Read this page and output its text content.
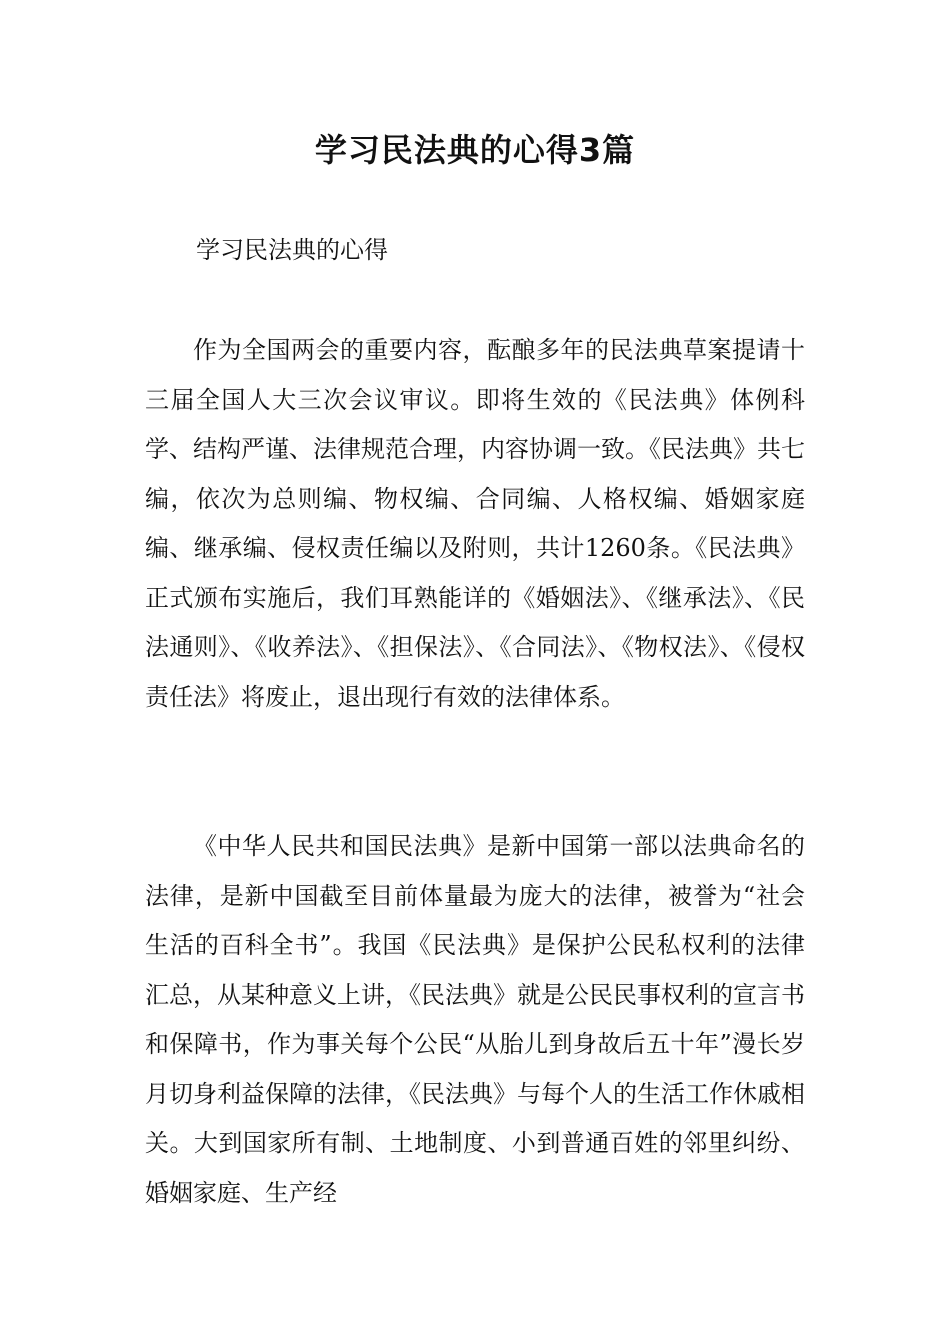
学习民法典的心得3篇
学习民法典的心得

作为全国两会的重要内容，酝酿多年的民法典草案提请十三届全国人大三次会议审议。即将生效的《民法典》体例科学、结构严谨、法律规范合理，内容协调一致。《民法典》共七编，依次为总则编、物权编、合同编、人格权编、婚姻家庭编、继承编、侵权责任编以及附则，共计1260条。《民法典》正式颁布实施后，我们耳熟能详的《婚姻法》、《继承法》、《民法通则》、《收养法》、《担保法》、《合同法》、《物权法》、《侵权责任法》将废止，退出现行有效的法律体系。

《中华人民共和国民法典》是新中国第一部以法典命名的法律，是新中国截至目前体量最为庞大的法律，被誉为“社会生活的百科全书”。我国《民法典》是保护公民私权利的法律汇总，从某种意义上讲，《民法典》就是公民民事权利的宣言书和保障书，作为事关每个公民“从胎儿到身故后五十年”漫长岁月切身利益保障的法律，《民法典》与每个人的生活工作休戚相关。大到国家所有制、土地制度、小到普通百姓的邻里纠纷、婚姻家庭、生产经
